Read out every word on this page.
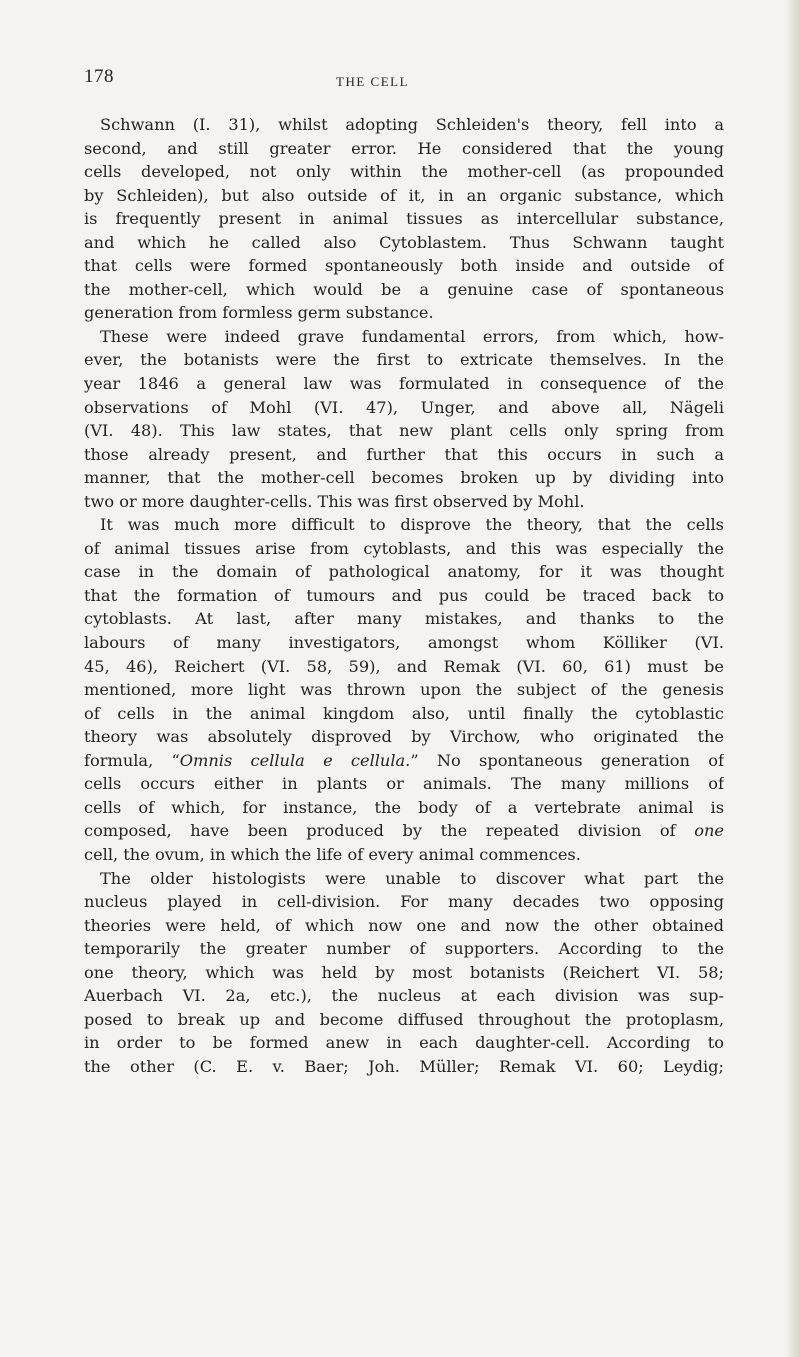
178	THE CELL
Schwann (I. 31), whilst adopting Schleiden's theory, fell into a
second, and still greater error. He considered that the young
cells developed, not only within the mother-cell (as propounded
by Schleiden), but also outside of it, in an organic substance, which
is frequently present in animal tissues as intercellular substance,
and which he called also Cytoblastem. Thus Schwann taught
that cells were formed spontaneously both inside and outside of
the mother-cell, which would be a genuine case of spontaneous
generation from formless germ substance.
These were indeed grave fundamental errors, from which, how-
ever, the botanists were the first to extricate themselves. In the
year 1846 a general law was formulated in consequence of the
observations of Mohl (VI. 47), Unger, and above all, Nägeli
(VI. 48). This law states, that new plant cells only spring from
those already present, and further that this occurs in such a
manner, that the mother-cell becomes broken up by dividing into
two or more daughter-cells. This was first observed by Mohl.
It was much more difficult to disprove the theory, that the cells
of animal tissues arise from cytoblasts, and this was especially the
case in the domain of pathological anatomy, for it was thought
that the formation of tumours and pus could be traced back to
cytoblasts. At last, after many mistakes, and thanks to the
labours of many investigators, amongst whom Kölliker (VI.
45, 46), Reichert (VI. 58, 59), and Remak (VI. 60, 61) must be
mentioned, more light was thrown upon the subject of the genesis
of cells in the animal kingdom also, until finally the cytoblastic
theory was absolutely disproved by Virchow, who originated the
formula, “Omnis cellula e cellula.” No spontaneous generation of
cells occurs either in plants or animals. The many millions of
cells of which, for instance, the body of a vertebrate animal is
composed, have been produced by the repeated division of one
cell, the ovum, in which the life of every animal commences.
The older histologists were unable to discover what part the
nucleus played in cell-division. For many decades two opposing
theories were held, of which now one and now the other obtained
temporarily the greater number of supporters. According to the
one theory, which was held by most botanists (Reichert VI. 58;
Auerbach VI. 2a, etc.), the nucleus at each division was sup-
posed to break up and become diffused throughout the protoplasm,
in order to be formed anew in each daughter-cell. According to
the other (C. E. v. Baer; Joh. Müller; Remak VI. 60; Leydig;
